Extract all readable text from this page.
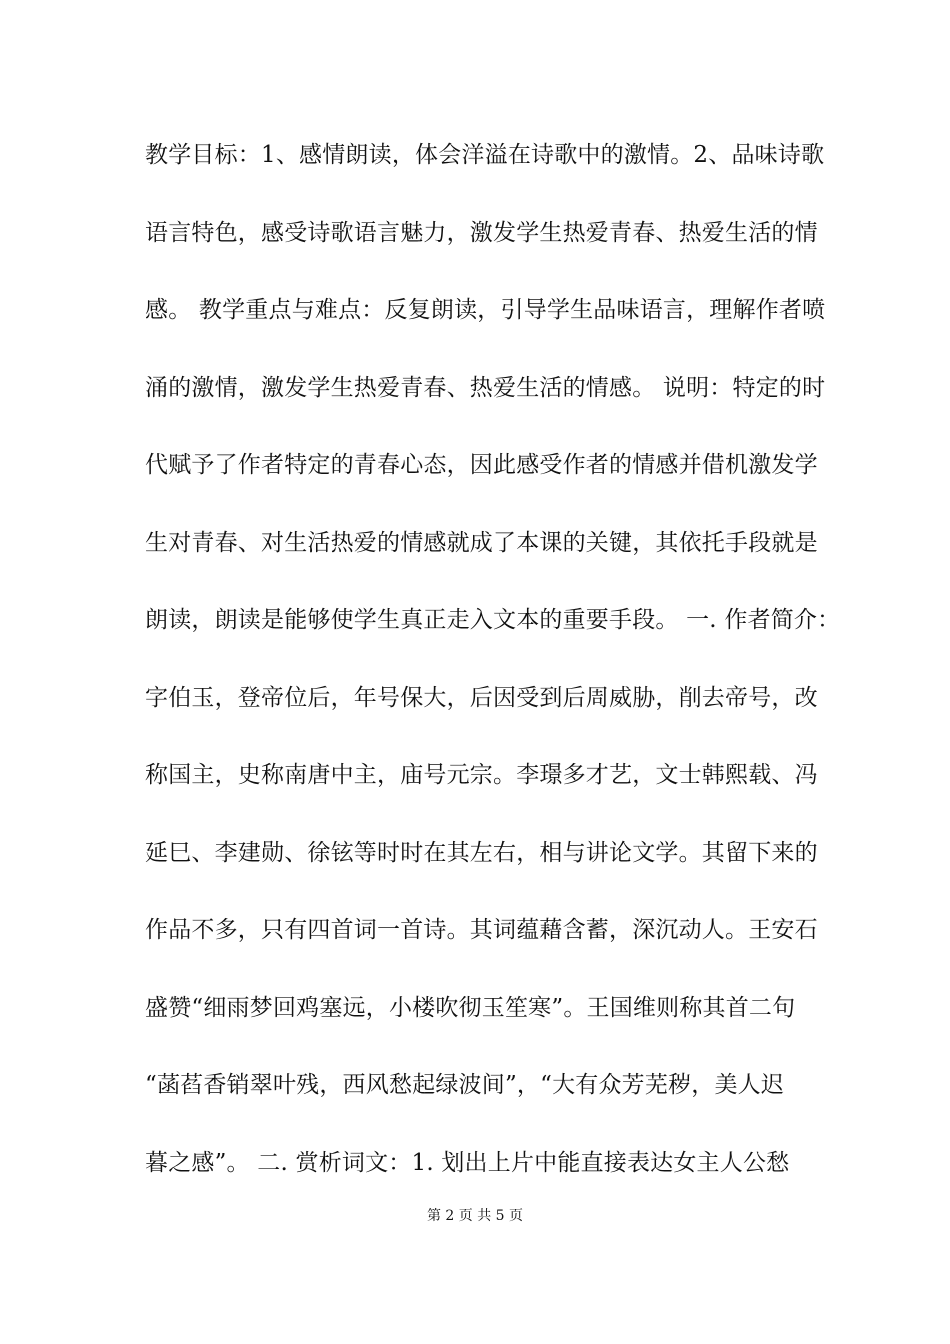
教学目标：1、感情朗读，体会洋溢在诗歌中的激情。2、品味诗歌
语言特色，感受诗歌语言魅力，激发学生热爱青春、热爱生活的情
感。 教学重点与难点：反复朗读，引导学生品味语言，理解作者喷
涌的激情，激发学生热爱青春、热爱生活的情感。 说明：特定的时
代赋予了作者特定的青春心态，因此感受作者的情感并借机激发学
生对青春、对生活热爱的情感就成了本课的关键，其依托手段就是
朗读，朗读是能够使学生真正走入文本的重要手段。 一. 作者简介：
字伯玉，登帝位后，年号保大，后因受到后周威胁，削去帝号，改
称国主，史称南唐中主，庙号元宗。李璟多才艺，文士韩熙载、冯
延巳、李建勋、徐铉等时时在其左右，相与讲论文学。其留下来的
作品不多，只有四首词一首诗。其词蕴藉含蓄，深沉动人。王安石
盛赞“细雨梦回鸡塞远，小楼吹彻玉笙寒”。王国维则称其首二句
“菡萏香销翠叶残，西风愁起绿波间”，“大有众芳芜秽，美人迟
暮之感”。 二. 赏析词文：1. 划出上片中能直接表达女主人公愁
第 2 页 共 5 页
